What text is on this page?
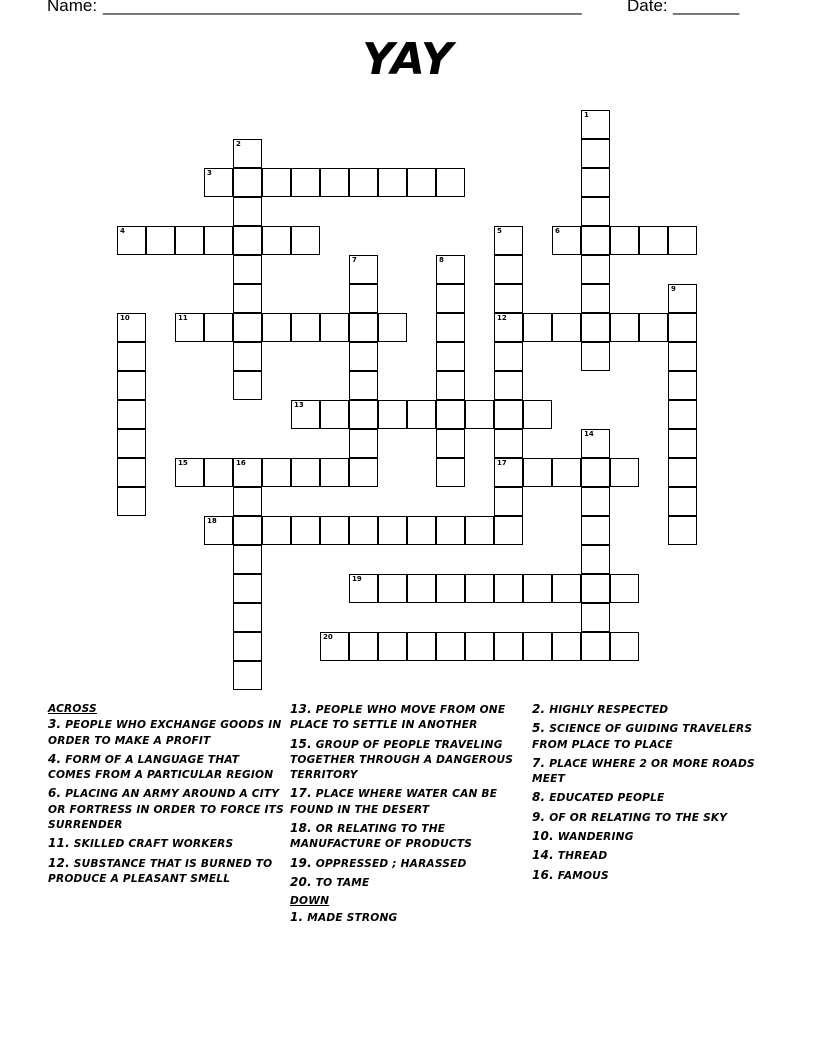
Name: ______________________________________________________	Date: _______
YAY
1
2
3
4	5
12
17
6
7	8
9
10	11
13
14
15	16
18
19
20
ACROSS
3. PEOPLE WHO EXCHANGE GOODS IN ORDER TO MAKE A PROFIT
4. FORM OF A LANGUAGE THAT COMES FROM A PARTICULAR REGION
6. PLACING AN ARMY AROUND A CITY OR FORTRESS IN ORDER TO FORCE ITS SURRENDER
11. SKILLED CRAFT WORKERS
12. SUBSTANCE THAT IS BURNED TO PRODUCE A PLEASANT SMELL
13. PEOPLE WHO MOVE FROM ONE PLACE TO SETTLE IN ANOTHER
15. GROUP OF PEOPLE TRAVELING TOGETHER THROUGH A DANGEROUS TERRITORY
17. PLACE WHERE WATER CAN BE FOUND IN THE DESERT
18. OR RELATING TO THE MANUFACTURE OF PRODUCTS
19. OPPRESSED ; HARASSED
20. TO TAME
DOWN
1. MADE STRONG
2. HIGHLY RESPECTED
5. SCIENCE OF GUIDING TRAVELERS FROM PLACE TO PLACE
7. PLACE WHERE 2 OR MORE ROADS MEET
8. EDUCATED PEOPLE
9. OF OR RELATING TO THE SKY
10. WANDERING
14. THREAD
16. FAMOUS
